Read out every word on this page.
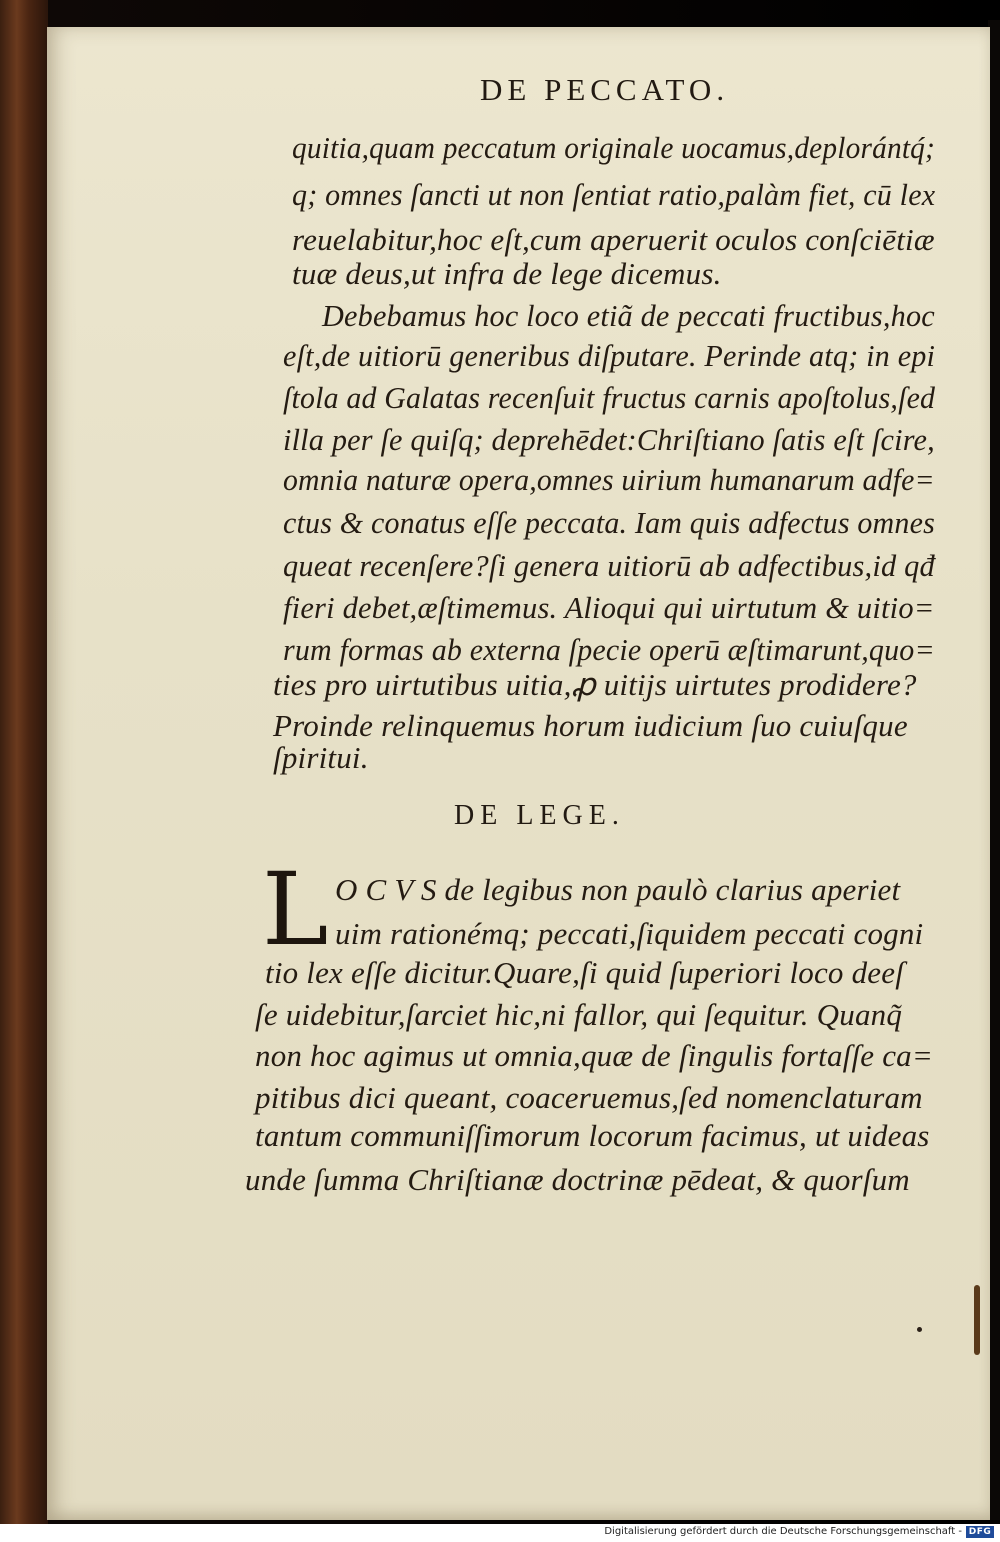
DE PECCATO.
quitia,quam peccatum originale uocamus,deplorántq́;
q; omnes ſancti ut non ſentiat ratio,palàm fiet, cū lex
reuelabitur,hoc eſt,cum aperuerit oculos conſciētiæ
tuæ deus,ut infra de lege dicemus.
Debebamus hoc loco etiã de peccati fructibus,hoc
eſt,de uitiorū generibus diſputare. Perinde atq; in epi
ſtola ad Galatas recenſuit fructus carnis apoſtolus,ſed
illa per ſe quiſq; deprehēdet:Chriſtiano ſatis eſt ſcire,
omnia naturæ opera,omnes uirium humanarum adfe=
ctus & conatus eſſe peccata. Iam quis adfectus omnes
queat recenſere?ſi genera uitiorū ab adfectibus,id qđ
fieri debet,æſtimemus. Alioqui qui uirtutum & uitio=
rum formas ab externa ſpecie operū æſtimarunt,quo=
ties pro uirtutibus uitia,ꝓ uitijs uirtutes prodidere?
Proinde relinquemus horum iudicium ſuo cuiuſque
ſpiritui.
DE LEGE.
L O C V S de legibus non paulò clarius aperiet
uim rationémq; peccati,ſiquidem peccati cogni
tio lex eſſe dicitur.Quare,ſi quid ſuperiori loco deeſ
ſe uidebitur,ſarciet hic,ni fallor, qui ſequitur. Quanq̃
non hoc agimus ut omnia,quæ de ſingulis fortaſſe ca=
pitibus dici queant, coaceruemus,ſed nomenclaturam
tantum communiſſimorum locorum facimus, ut uideas
unde ſumma Chriſtianæ doctrinæ pēdeat, & quorſum
Digitalisierung gefördert durch die Deutsche Forschungsgemeinschaft - DFG
